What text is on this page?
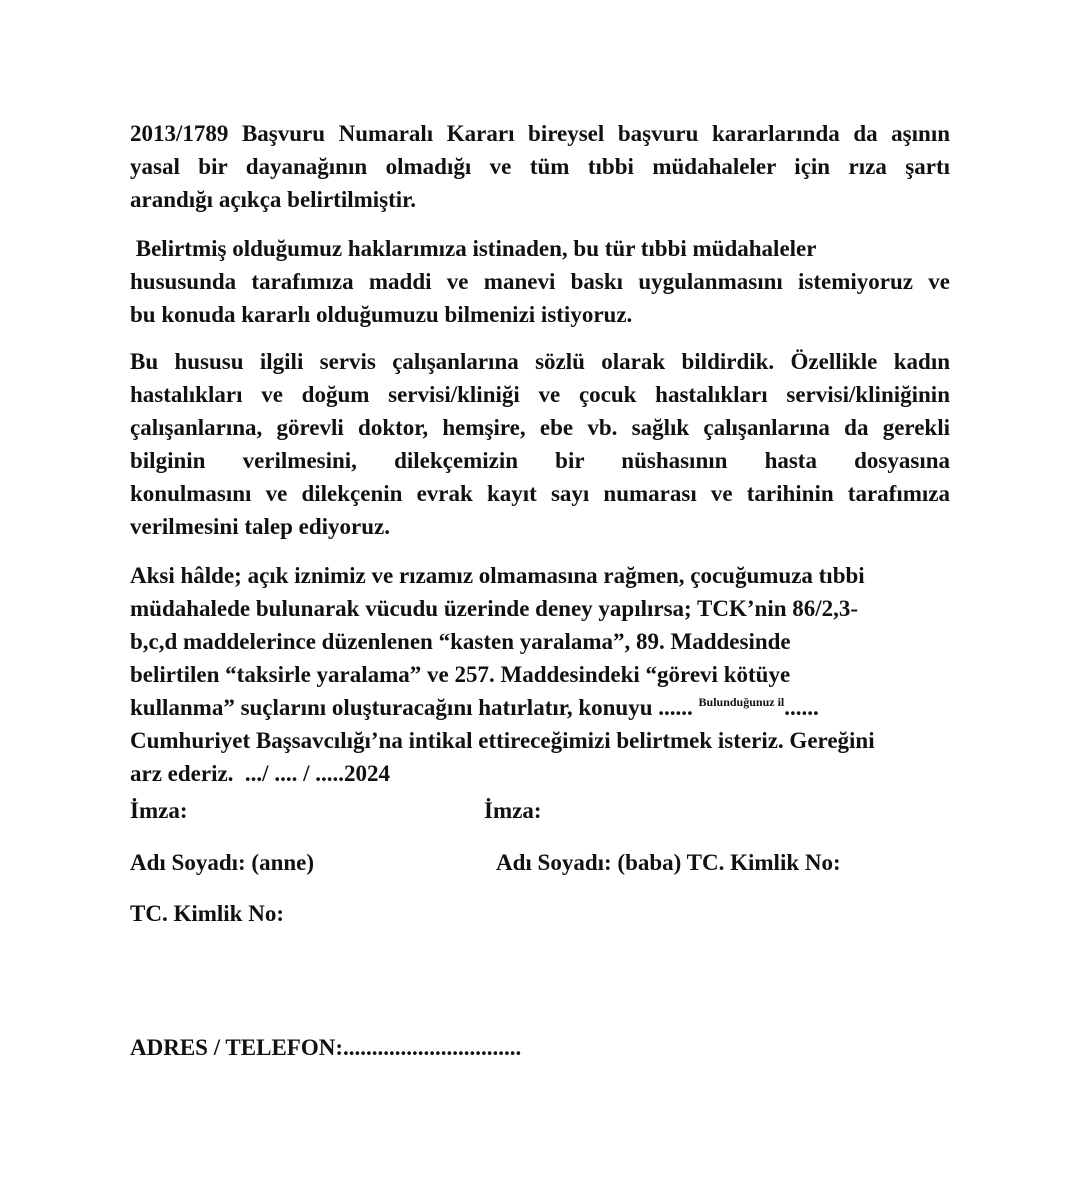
2013/1789 Başvuru Numaralı Kararı bireysel başvuru kararlarında da aşının
yasal bir dayanağının olmadığı ve tüm tıbbi müdahaleler için rıza şartı
arandığı açıkça belirtilmiştir.
Belirtmiş olduğumuz haklarımıza istinaden, bu tür tıbbi müdahaleler
hususunda tarafımıza maddi ve manevi baskı uygulanmasını istemiyoruz ve
bu konuda kararlı olduğumuzu bilmenizi istiyoruz.
Bu hususu ilgili servis çalışanlarına sözlü olarak bildirdik. Özellikle kadın
hastalıkları ve doğum servisi/kliniği ve çocuk hastalıkları servisi/kliniğinin
çalışanlarına, görevli doktor, hemşire, ebe vb. sağlık çalışanlarına da gerekli
bilginin verilmesini, dilekçemizin bir nüshasının hasta dosyasına
konulmasını ve dilekçenin evrak kayıt sayı numarası ve tarihinin tarafımıza
verilmesini talep ediyoruz.
Aksi hâlde; açık iznimiz ve rızamız olmamasına rağmen, çocuğumuza tıbbi
müdahalede bulunarak vücudu üzerinde deney yapılırsa; TCK’nin 86/2,3-
b,c,d maddelerince düzenlenen “kasten yaralama”, 89. Maddesinde
belirtilen “taksirle yaralama” ve 257. Maddesindeki “görevi kötüye
kullanma” suçlarını oluşturacağını hatırlatır, konuyu ...... $^{Bulunduğunuz il}$......
Cumhuriyet Başsavcılığı’na intikal ettireceğimizi belirtmek isteriz. Gereğini
arz ederiz.  .../ .... / .....2024

İmza:	İmza:

Adı Soyadı: (anne)	Adı Soyadı: (baba) TC. Kimlik No:

TC. Kimlik No:

ADRES / TELEFON:...............................
